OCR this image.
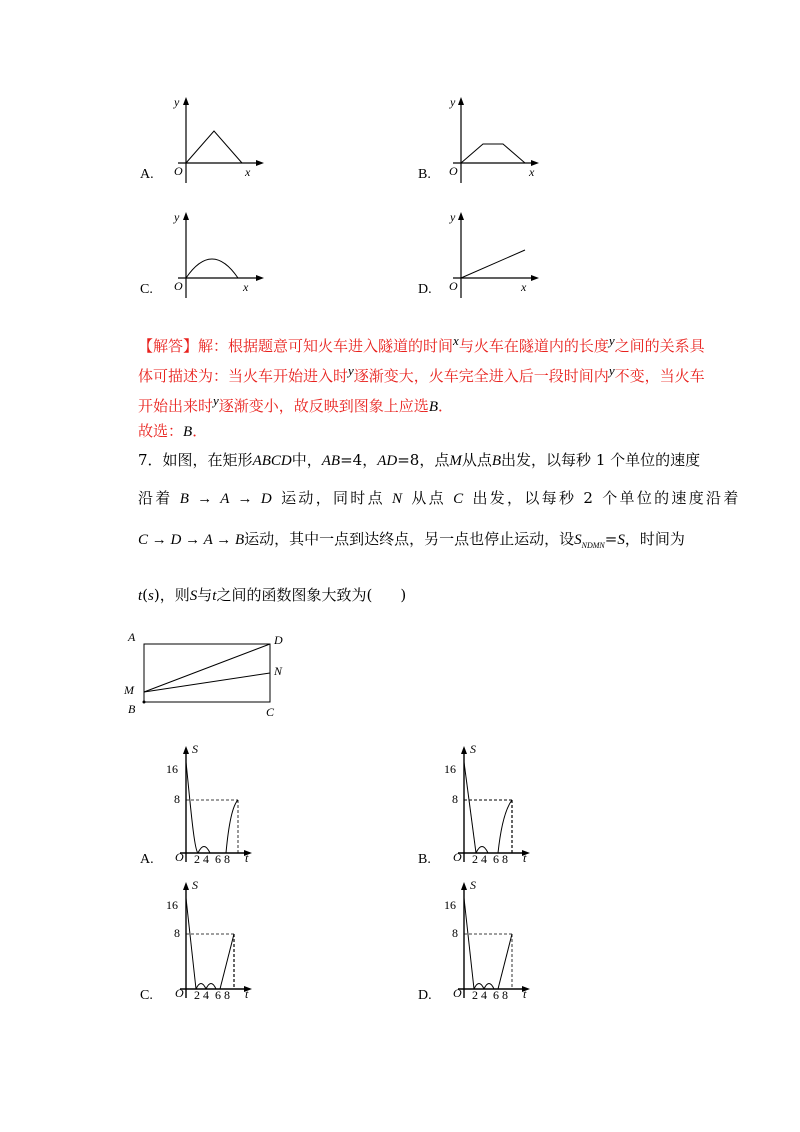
A.
y
O	x	B.
y
O	x
C.
y
O	x	D.
y
O	x
【解答】解：根据题意可知火车进入隧道的时间$^x$与火车在隧道内的长度$^y$之间的关系具
体可描述为：当火车开始进入时$^y$逐渐变大，火车完全进入后一段时间内$^y$不变，当火车
开始出来时$^y$逐渐变小，故反映到图象上应选B．
故选：B．
7．如图，在矩形ABCD中，AB=4，AD=8，点M从点B出发，以每秒 1 个单位的速度
沿着 B → A → D 运动，同时点 N 从点 C 出发，以每秒 2 个单位的速度沿着
C → D → A → B运动，其中一点到达终点，另一点也停止运动，设$S_{NDMN}=S$，时间为
t(s)，则S与t之间的函数图象大致为( )
A	D
N
M
B	C
A.
S
16
8
O 2 4  6 8 t	B.
S
16
8
O 2 4  6 8 t
C.
S
16
8
O 2 4  6 8 t	D.
S
16
8
O 2 4  6 8 t
